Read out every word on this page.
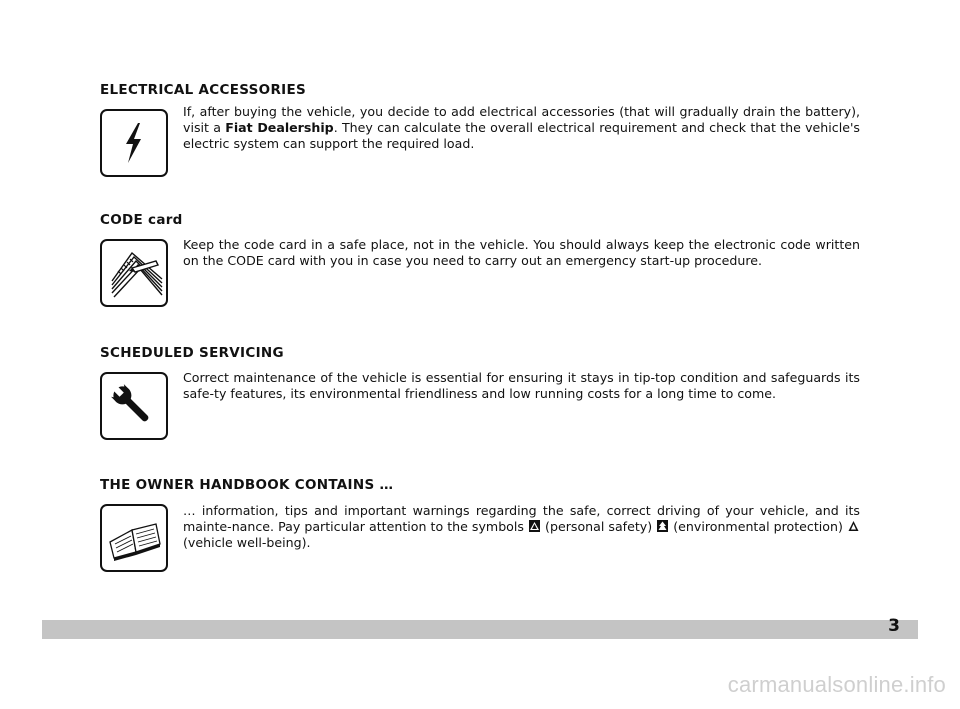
ELECTRICAL ACCESSORIES
If, after buying the vehicle, you decide to add electrical accessories (that will gradually drain the battery), visit a Fiat Dealership. They can calculate the overall electrical requirement and check that the vehicle's electric system can support the required load.
CODE card
Keep the code card in a safe place, not in the vehicle. You should always keep the electronic code written on the CODE card with you in case you need to carry out an emergency start-up procedure.
SCHEDULED SERVICING
Correct maintenance of the vehicle is essential for ensuring it stays in tip-top condition and safeguards its safe-ty features, its environmental friendliness and low running costs for a long time to come.
THE OWNER HANDBOOK CONTAINS …
… information, tips and important warnings regarding the safe, correct driving of your vehicle, and its mainte-nance. Pay particular attention to the symbols (personal safety) (environmental protection)  (vehicle well-being).
3
carmanualsonline.info
